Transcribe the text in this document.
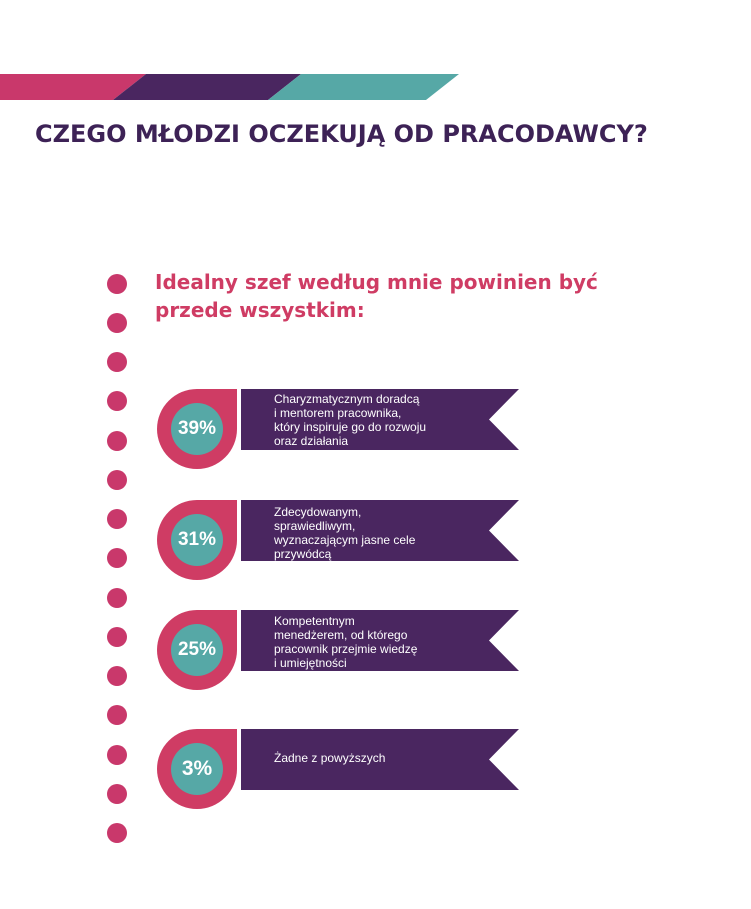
CZEGO MŁODZI OCZEKUJĄ OD PRACODAWCY?
Idealny szef według mnie powinien być przede wszystkim:
39%
Charyzmatycznym doradcą
i mentorem pracownika,
który inspiruje go do rozwoju
oraz działania
31%
Zdecydowanym,
sprawiedliwym,
wyznaczającym jasne cele
przywódcą
25%
Kompetentnym
menedżerem, od którego
pracownik przejmie wiedzę
i umiejętności
3%	Żadne z powyższych
